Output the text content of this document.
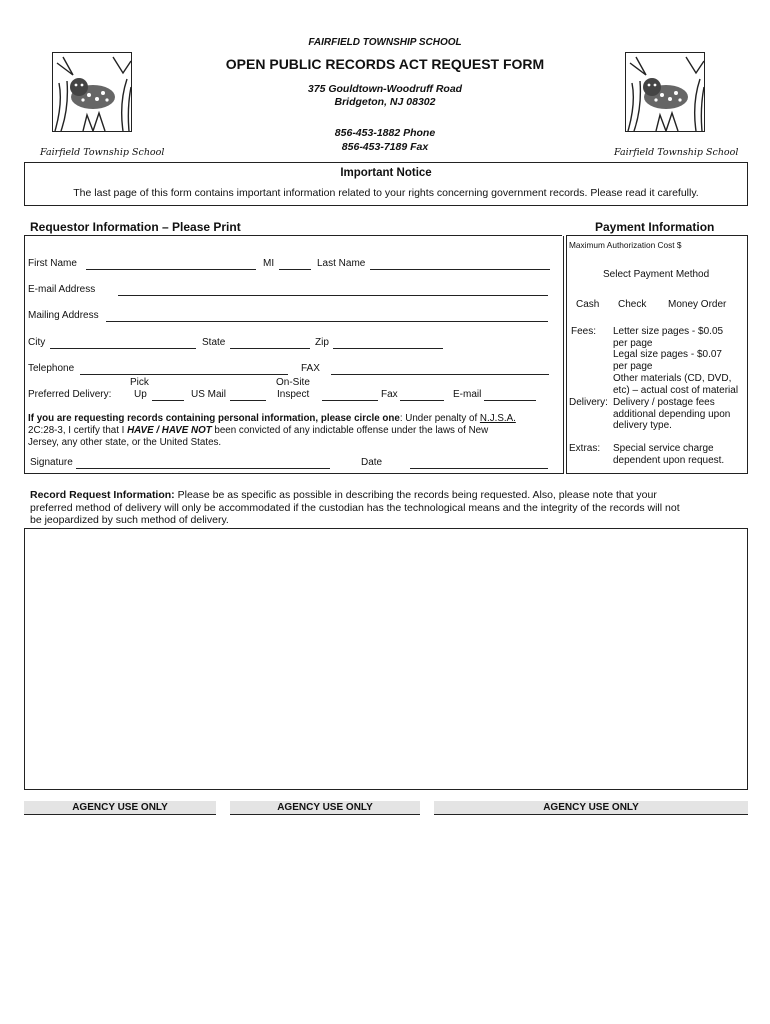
FAIRFIELD TOWNSHIP SCHOOL
OPEN PUBLIC RECORDS ACT REQUEST FORM
375 Gouldtown-Woodruff Road
Bridgeton, NJ 08302
856-453-1882 Phone
856-453-7189 Fax
Fairfield Township School	Fairfield Township School
Important Notice
The last page of this form contains important information related to your rights concerning government records. Please read it carefully.
Requestor Information – Please Print	Payment Information
First Name	MI	Last Name
E-mail Address
Mailing Address
City	State	Zip
Telephone	FAX
Preferred Delivery:
Pick
Up	US Mail
On-Site
Inspect	Fax	E-mail
If you are requesting records containing personal information, please circle one: Under penalty of N.J.S.A.
2C:28-3, I certify that I HAVE / HAVE NOT been convicted of any indictable offense under the laws of New
Jersey, any other state, or the United States.
Signature	Date
Maximum Authorization Cost $
Select Payment Method
Cash Check Money Order
Fees: Letter size pages - $0.05
per page
Legal size pages - $0.07
per page
Other materials (CD, DVD,
etc) – actual cost of material
Delivery: Delivery / postage fees
additional depending upon
delivery type.
Extras: Special service charge
dependent upon request.
Record Request Information: Please be as specific as possible in describing the records being requested. Also, please note that your
preferred method of delivery will only be accommodated if the custodian has the technological means and the integrity of the records will not
be jeopardized by such method of delivery.
AGENCY USE ONLY	AGENCY USE ONLY	AGENCY USE ONLY
